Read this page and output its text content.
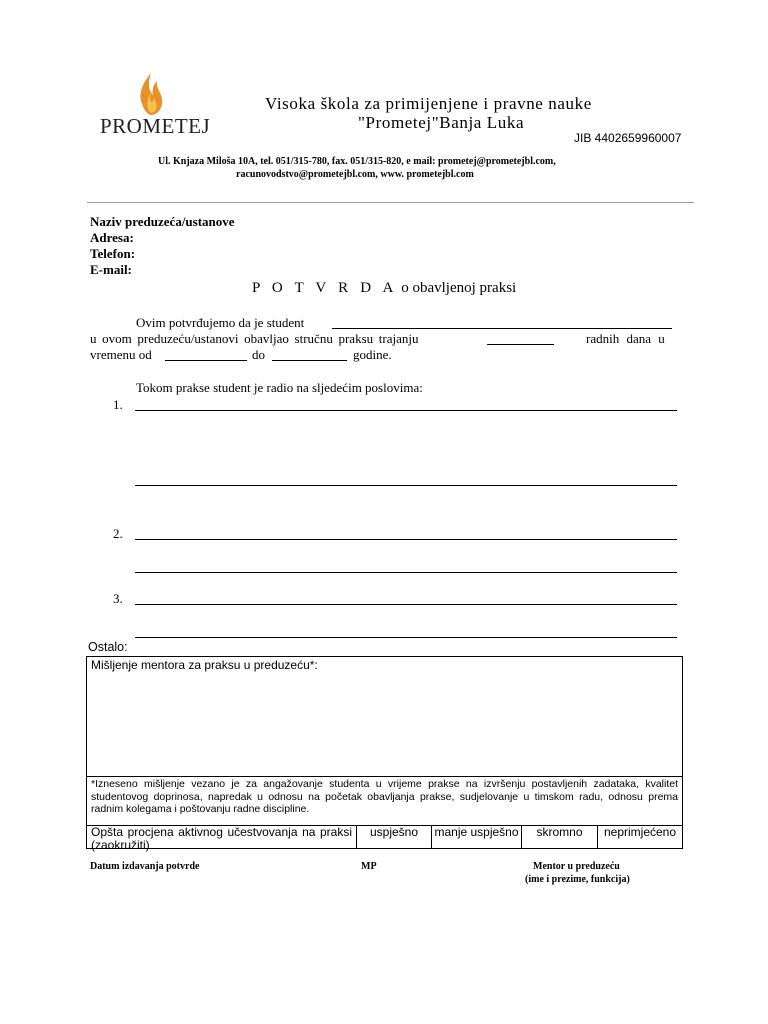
PROMETEJ
Visoka škola za primijenjene i pravne nauke
"Prometej"Banja Luka
JIB 4402659960007
Ul. Knjaza Miloša 10A, tel. 051/315-780, fax. 051/315-820, e mail: prometej@prometejbl.com,
racunovodstvo@prometejbl.com, www. prometejbl.com
Naziv preduzeća/ustanove
Adresa:
Telefon:
E-mail:
P O T V R D A o obavljenoj praksi
Ovim potvrđujemo da je student
u ovom preduzeću/ustanovi obavljao stručnu praksu trajanju	radnih dana u
vremenu od	do	godine.
Tokom prakse student je radio na sljedećim poslovima:
1.
2.
3.
Ostalo:
Mišljenje mentora za praksu u preduzeću*:
*Izneseno mišljenje vezano je za angažovanje studenta u vrijeme prakse na izvršenju postavljenih zadataka, kvalitet studentovog doprinosa, napredak u odnosu na početak obavljanja prakse, sudjelovanje u timskom radu, odnosu prema radnim kolegama i poštovanju radne discipline.
Opšta procjena aktivnog učestvovanja na praksi (zaokružiti)
uspješno	manje uspješno	skromno	neprimjećeno
Datum izdavanja potvrde	MP	Mentor u preduzeću
(ime i prezime, funkcija)
